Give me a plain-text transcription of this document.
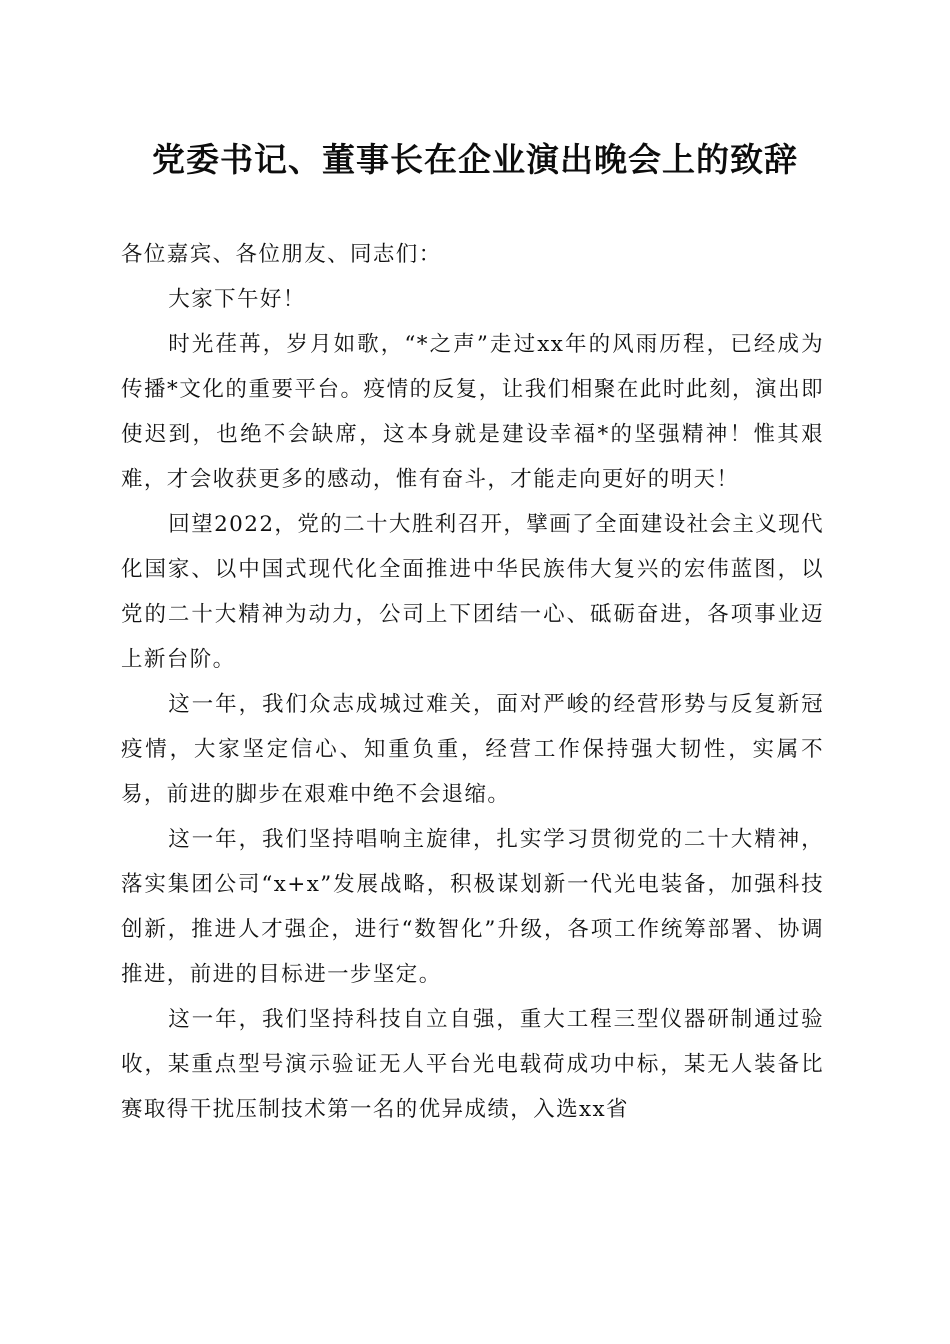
党委书记、董事长在企业演出晚会上的致辞

各位嘉宾、各位朋友、同志们：

大家下午好！

时光荏苒，岁月如歌，“*之声”走过xx年的风雨历程，已经成为传播*文化的重要平台。疫情的反复，让我们相聚在此时此刻，演出即使迟到，也绝不会缺席，这本身就是建设幸福*的坚强精神！惟其艰难，才会收获更多的感动，惟有奋斗，才能走向更好的明天！

回望2022，党的二十大胜利召开，擘画了全面建设社会主义现代化国家、以中国式现代化全面推进中华民族伟大复兴的宏伟蓝图，以党的二十大精神为动力，公司上下团结一心、砥砺奋进，各项事业迈上新台阶。

这一年，我们众志成城过难关，面对严峻的经营形势与反复新冠疫情，大家坚定信心、知重负重，经营工作保持强大韧性，实属不易，前进的脚步在艰难中绝不会退缩。

这一年，我们坚持唱响主旋律，扎实学习贯彻党的二十大精神，落实集团公司“x+x”发展战略，积极谋划新一代光电装备，加强科技创新，推进人才强企，进行“数智化”升级，各项工作统筹部署、协调推进，前进的目标进一步坚定。

这一年，我们坚持科技自立自强，重大工程三型仪器研制通过验收，某重点型号演示验证无人平台光电载荷成功中标，某无人装备比赛取得干扰压制技术第一名的优异成绩，入选xx省
